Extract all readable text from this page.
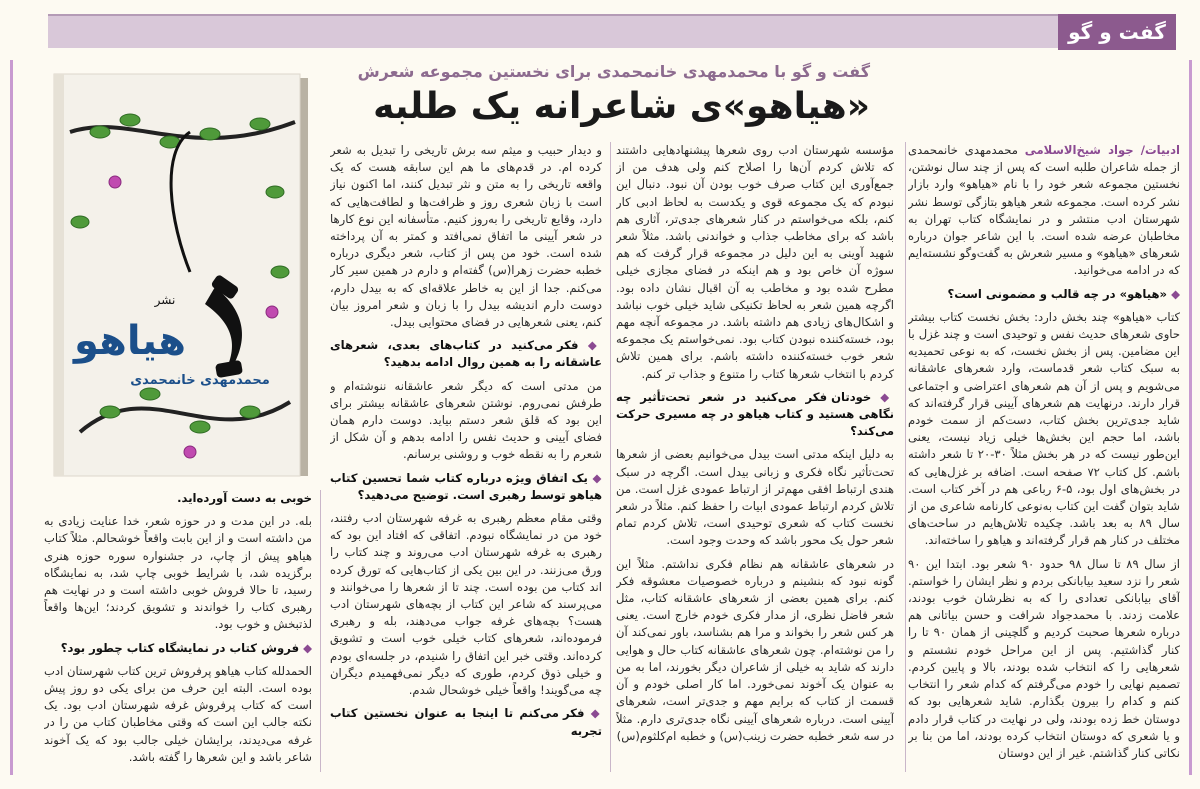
گفت و گو
گفت و گو با محمدمهدی خانمحمدی برای نخستین مجموعه شعرش
«هیاهو»ی شاعرانه یک طلبه

ادبیات/ جواد شیخ‌الاسلامی محمدمهدی خانمحمدی از جمله شاعران طلبه است که پس از چند سال نوشتن، نخستین مجموعه شعر خود را با نام «هیاهو» وارد بازار نشر کرده است. مجموعه شعر هیاهو بتازگی توسط نشر شهرستان ادب منتشر و در نمایشگاه کتاب تهران به مخاطبان عرضه شده است. با این شاعر جوان درباره شعرهای «هیاهو» و مسیر شعرش به گفت‌وگو نشسته‌ایم که در ادامه می‌خوانید.

◆ «هیاهو» در چه قالب و مضمونی است؟

کتاب «هیاهو» چند بخش دارد: بخش نخست کتاب بیشتر حاوی شعرهای حدیث نفس و توحیدی است و چند غزل با این مضامین. پس از بخش نخست، که به نوعی تحمیدیه به سبک کتاب شعر قدماست، وارد شعرهای عاشقانه می‌شویم و پس از آن هم شعرهای اعتراضی و اجتماعی قرار دارند. درنهایت هم شعرهای آیینی قرار گرفته‌اند که شاید جدی‌ترین بخش کتاب، دست‌کم از سمت خودم باشد، اما حجم این بخش‌ها خیلی زیاد نیست، یعنی این‌طور نیست که در هر بخش مثلاً ۳۰-۲۰ تا شعر داشته باشم. کل کتاب ۷۲ صفحه است. اضافه بر غزل‌هایی که در بخش‌های اول بود، ۵-۶ رباعی هم در آخر کتاب است. شاید بتوان گفت این کتاب به‌نوعی کارنامه شاعری من از سال ۸۹ به بعد باشد. چکیده تلاش‌هایم در ساحت‌های مختلف در کنار هم قرار گرفته‌اند و هیاهو را ساخته‌اند.

از سال ۸۹ تا سال ۹۸ حدود ۹۰ شعر بود. ابتدا این ۹۰ شعر را نزد سعید بیابانکی بردم و نظر ایشان را خواستم. آقای بیابانکی تعدادی را که به نظرشان خوب بودند، علامت زدند. با محمدجواد شرافت و حسن بیاتانی هم درباره شعرها صحبت کردیم و گلچینی از همان ۹۰ تا را کنار گذاشتیم. پس از این مراحل خودم نشستم و شعرهایی را که انتخاب شده بودند، بالا و پایین کردم. تصمیم نهایی را خودم می‌گرفتم که کدام شعر را انتخاب کنم و کدام را بیرون بگذارم. شاید شعرهایی بود که دوستان خط زده بودند، ولی در نهایت در کتاب قرار دادم و یا شعری که دوستان انتخاب کرده بودند، اما من بنا بر نکاتی کنار گذاشتم. غیر از این دوستان

مؤسسه شهرستان ادب روی شعرها پیشنهادهایی داشتند که تلاش کردم آن‌ها را اصلاح کنم ولی هدف من از جمع‌آوری این کتاب صرف خوب بودن آن نبود. دنبال این نبودم که یک مجموعه قوی و یکدست به لحاظ ادبی کار کنم، بلکه می‌خواستم در کنار شعرهای جدی‌تر، آثاری هم باشد که برای مخاطب جذاب و خواندنی باشد. مثلاً شعر شهید آوینی به این دلیل در مجموعه قرار گرفت که هم سوژه آن خاص بود و هم اینکه در فضای مجازی خیلی مطرح شده بود و مخاطب به آن اقبال نشان داده بود. اگرچه همین شعر به لحاظ تکنیکی شاید خیلی خوب نباشد و اشکال‌های زیادی هم داشته باشد. در مجموعه آنچه مهم بود، خسته‌کننده نبودن کتاب بود. نمی‌خواستم یک مجموعه شعر خوب خسته‌کننده داشته باشم. برای همین تلاش کردم با انتخاب شعرها کتاب را متنوع و جذاب تر کنم.

◆ خودتان فکر می‌کنید در شعر تحت‌تأثیر چه نگاهی هستید و کتاب هیاهو در چه مسیری حرکت می‌کند؟

به دلیل اینکه مدتی است بیدل می‌خوانیم بعضی از شعرها تحت‌تأثیر نگاه فکری و زبانی بیدل است. اگرچه در سبک هندی ارتباط افقی مهم‌تر از ارتباط عمودی غزل است. من تلاش کردم ارتباط عمودی ابیات را حفظ کنم. مثلاً در شعر نخست کتاب که شعری توحیدی است، تلاش کردم تمام شعر حول یک محور باشد که وحدت وجود است.

در شعرهای عاشقانه هم نظام فکری نداشتم. مثلاً این گونه نبود که بنشینم و درباره خصوصیات معشوقه فکر کنم. برای همین بعضی از شعرهای عاشقانه کتاب، مثل شعر فاضل نظری، از مدار فکری خودم خارج است. یعنی هر کس شعر را بخواند و مرا هم بشناسد، باور نمی‌کند آن را من نوشته‌ام. چون شعرهای عاشقانه کتاب حال و هوایی دارند که شاید به خیلی از شاعران دیگر بخورند، اما به من به عنوان یک آخوند نمی‌خورد. اما کار اصلی خودم و آن قسمت از کتاب که برایم مهم و جدی‌تر است، شعرهای آیینی است. درباره شعرهای آیینی نگاه جدی‌تری دارم. مثلاً در سه شعر خطبه حضرت زینب(س) و خطبه ام‌کلثوم(س)

و دیدار حبیب و میثم سه برش تاریخی را تبدیل به شعر کرده ام. در قدم‌های ما هم این سابقه هست که یک واقعه تاریخی را به متن و نثر تبدیل کنند، اما اکنون نیاز است با زبان شعری روز و ظرافت‌ها و لطافت‌هایی که دارد، وقایع تاریخی را به‌روز کنیم. متأسفانه این نوع کارها در شعر آیینی ما اتفاق نمی‌افتد و کمتر به آن پرداخته شده است. خود من پس از کتاب، شعر دیگری درباره خطبه حضرت زهرا(س) گفته‌ام و دارم در همین سیر کار می‌کنم. جدا از این به خاطر علاقه‌ای که به بیدل دارم، دوست دارم اندیشه بیدل را با زبان و شعر امروز بیان کنم، یعنی شعرهایی در فضای محتوایی بیدل.

◆ فکر می‌کنید در کتاب‌های بعدی، شعرهای عاشقانه را به همین روال ادامه بدهید؟

من مدتی است که دیگر شعر عاشقانه ننوشته‌ام و طرفش نمی‌روم. نوشتن شعرهای عاشقانه بیشتر برای این بود که قلق شعر دستم بیاید. دوست دارم همان فضای آیینی و حدیث نفس را ادامه بدهم و آن شکل از شعرم را به نقطه خوب و روشنی برسانم.

◆ یک اتفاق ویژه درباره کتاب شما تحسین کتاب هیاهو توسط رهبری است. توضیح می‌دهید؟

وقتی مقام معظم رهبری به غرفه شهرستان ادب رفتند، خود من در نمایشگاه نبودم. اتفاقی که افتاد این بود که رهبری به غرفه شهرستان ادب می‌روند و چند کتاب را ورق می‌زنند. در این بین یکی از کتاب‌هایی که تورق کرده اند کتاب من بوده است. چند تا از شعرها را می‌خوانند و می‌پرسند که شاعر این کتاب از بچه‌های شهرستان ادب هست؟ بچه‌های غرفه جواب می‌دهند، بله و رهبری فرموده‌اند، شعرهای کتاب خیلی خوب است و تشویق کرده‌اند. وقتی خبر این اتفاق را شنیدم، در جلسه‌ای بودم و خیلی ذوق کردم، طوری که دیگر نمی‌فهمیدم دیگران چه می‌گویند! واقعاً خیلی خوشحال شدم.

◆ فکر می‌کنم تا اینجا به عنوان نخستین کتاب تجربه

نشر
هیاهو
محمدمهدی خانمحمدی

خوبی به دست آورده‌اید.

بله. در این مدت و در حوزه شعر، خدا عنایت زیادی به من داشته است و از این بابت واقعاً خوشحالم. مثلاً کتاب هیاهو پیش از چاپ، در جشنواره سوره حوزه هنری برگزیده شد، با شرایط خوبی چاپ شد، به نمایشگاه رسید، تا حالا فروش خوبی داشته است و در نهایت هم رهبری کتاب را خواندند و تشویق کردند؛ این‌ها واقعاً لذتبخش و خوب بود.

◆ فروش کتاب در نمایشگاه کتاب چطور بود؟

الحمدلله کتاب هیاهو پرفروش ترین کتاب شهرستان ادب بوده است. البته این حرف من برای یکی دو روز پیش است که کتاب پرفروش غرفه شهرستان ادب بود. یک نکته جالب این است که وقتی مخاطبان کتاب من را در غرفه می‌دیدند، برایشان خیلی جالب بود که یک آخوند شاعر باشد و این شعرها را گفته باشد.
